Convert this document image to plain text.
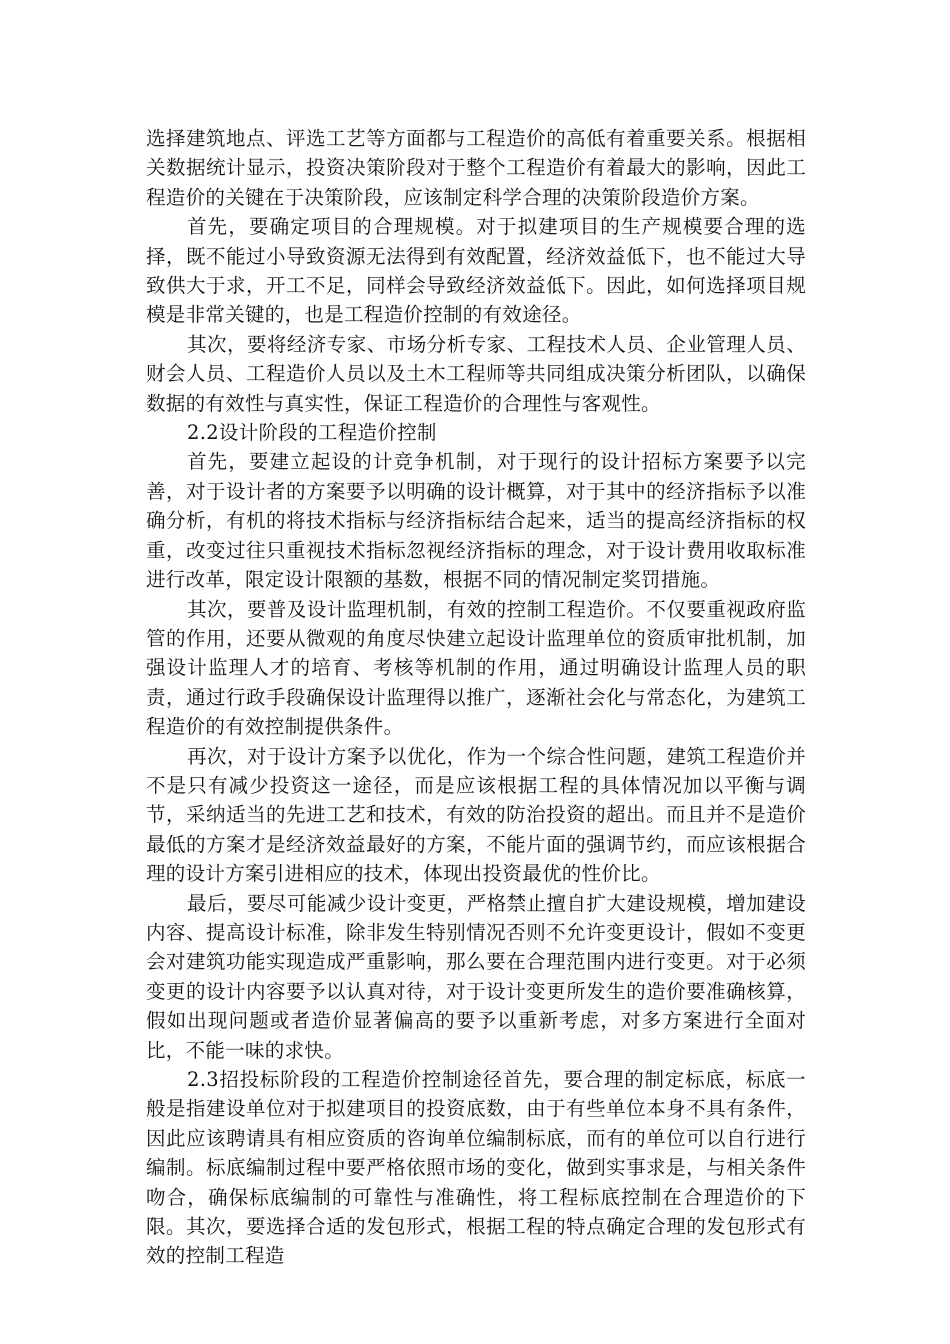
选择建筑地点、评选工艺等方面都与工程造价的高低有着重要关系。根据相关数据统计显示，投资决策阶段对于整个工程造价有着最大的影响，因此工程造价的关键在于决策阶段，应该制定科学合理的决策阶段造价方案。

首先，要确定项目的合理规模。对于拟建项目的生产规模要合理的选择，既不能过小导致资源无法得到有效配置，经济效益低下，也不能过大导致供大于求，开工不足，同样会导致经济效益低下。因此，如何选择项目规模是非常关键的，也是工程造价控制的有效途径。

其次，要将经济专家、市场分析专家、工程技术人员、企业管理人员、财会人员、工程造价人员以及土木工程师等共同组成决策分析团队，以确保数据的有效性与真实性，保证工程造价的合理性与客观性。

2.2设计阶段的工程造价控制

首先，要建立起设的计竞争机制，对于现行的设计招标方案要予以完善，对于设计者的方案要予以明确的设计概算，对于其中的经济指标予以准确分析，有机的将技术指标与经济指标结合起来，适当的提高经济指标的权重，改变过往只重视技术指标忽视经济指标的理念，对于设计费用收取标准进行改革，限定设计限额的基数，根据不同的情况制定奖罚措施。

其次，要普及设计监理机制，有效的控制工程造价。不仅要重视政府监管的作用，还要从微观的角度尽快建立起设计监理单位的资质审批机制，加强设计监理人才的培育、考核等机制的作用，通过明确设计监理人员的职责，通过行政手段确保设计监理得以推广，逐渐社会化与常态化，为建筑工程造价的有效控制提供条件。

再次，对于设计方案予以优化，作为一个综合性问题，建筑工程造价并不是只有减少投资这一途径，而是应该根据工程的具体情况加以平衡与调节，采纳适当的先进工艺和技术，有效的防治投资的超出。而且并不是造价最低的方案才是经济效益最好的方案，不能片面的强调节约，而应该根据合理的设计方案引进相应的技术，体现出投资最优的性价比。

最后，要尽可能减少设计变更，严格禁止擅自扩大建设规模，增加建设内容、提高设计标准，除非发生特别情况否则不允许变更设计，假如不变更会对建筑功能实现造成严重影响，那么要在合理范围内进行变更。对于必须变更的设计内容要予以认真对待，对于设计变更所发生的造价要准确核算，假如出现问题或者造价显著偏高的要予以重新考虑，对多方案进行全面对比，不能一味的求快。

2.3招投标阶段的工程造价控制途径首先，要合理的制定标底，标底一般是指建设单位对于拟建项目的投资底数，由于有些单位本身不具有条件，因此应该聘请具有相应资质的咨询单位编制标底，而有的单位可以自行进行编制。标底编制过程中要严格依照市场的变化，做到实事求是，与相关条件吻合，确保标底编制的可靠性与准确性，将工程标底控制在合理造价的下限。其次，要选择合适的发包形式，根据工程的特点确定合理的发包形式有效的控制工程造
